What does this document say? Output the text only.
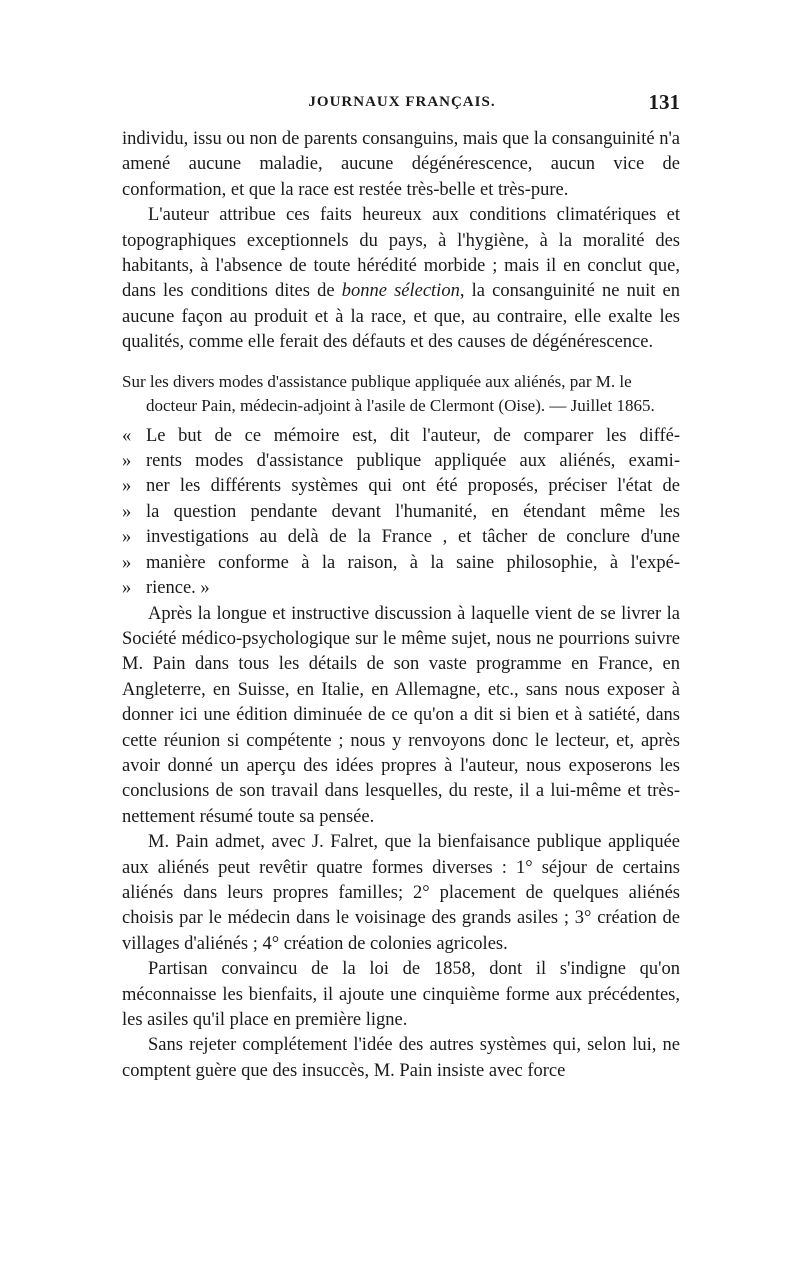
JOURNAUX FRANÇAIS.	131

individu, issu ou non de parents consanguins, mais que la consanguinité n'a amené aucune maladie, aucune dégénérescence, aucun vice de conformation, et que la race est restée très-belle et très-pure.

L'auteur attribue ces faits heureux aux conditions climatériques et topographiques exceptionnels du pays, à l'hygiène, à la moralité des habitants, à l'absence de toute hérédité morbide ; mais il en conclut que, dans les conditions dites de bonne sélection, la consanguinité ne nuit en aucune façon au produit et à la race, et que, au contraire, elle exalte les qualités, comme elle ferait des défauts et des causes de dégénérescence.

Sur les divers modes d'assistance publique appliquée aux aliénés, par M. le docteur Pain, médecin-adjoint à l'asile de Clermont (Oise). — Juillet 1865.

« Le but de ce mémoire est, dit l'auteur, de comparer les diffé-
» rents modes d'assistance publique appliquée aux aliénés, exami-
» ner les différents systèmes qui ont été proposés, préciser l'état de
» la question pendante devant l'humanité, en étendant même les
» investigations au delà de la France , et tâcher de conclure d'une
» manière conforme à la raison, à la saine philosophie, à l'expé-
» rience. »

Après la longue et instructive discussion à laquelle vient de se livrer la Société médico-psychologique sur le même sujet, nous ne pourrions suivre M. Pain dans tous les détails de son vaste programme en France, en Angleterre, en Suisse, en Italie, en Allemagne, etc., sans nous exposer à donner ici une édition diminuée de ce qu'on a dit si bien et à satiété, dans cette réunion si compétente ; nous y renvoyons donc le lecteur, et, après avoir donné un aperçu des idées propres à l'auteur, nous exposerons les conclusions de son travail dans lesquelles, du reste, il a lui-même et très-nettement résumé toute sa pensée.

M. Pain admet, avec J. Falret, que la bienfaisance publique appliquée aux aliénés peut revêtir quatre formes diverses : 1° séjour de certains aliénés dans leurs propres familles; 2° placement de quelques aliénés choisis par le médecin dans le voisinage des grands asiles ; 3° création de villages d'aliénés ; 4° création de colonies agricoles.

Partisan convaincu de la loi de 1858, dont il s'indigne qu'on méconnaisse les bienfaits, il ajoute une cinquième forme aux précédentes, les asiles qu'il place en première ligne.

Sans rejeter complétement l'idée des autres systèmes qui, selon lui, ne comptent guère que des insuccès, M. Pain insiste avec force
